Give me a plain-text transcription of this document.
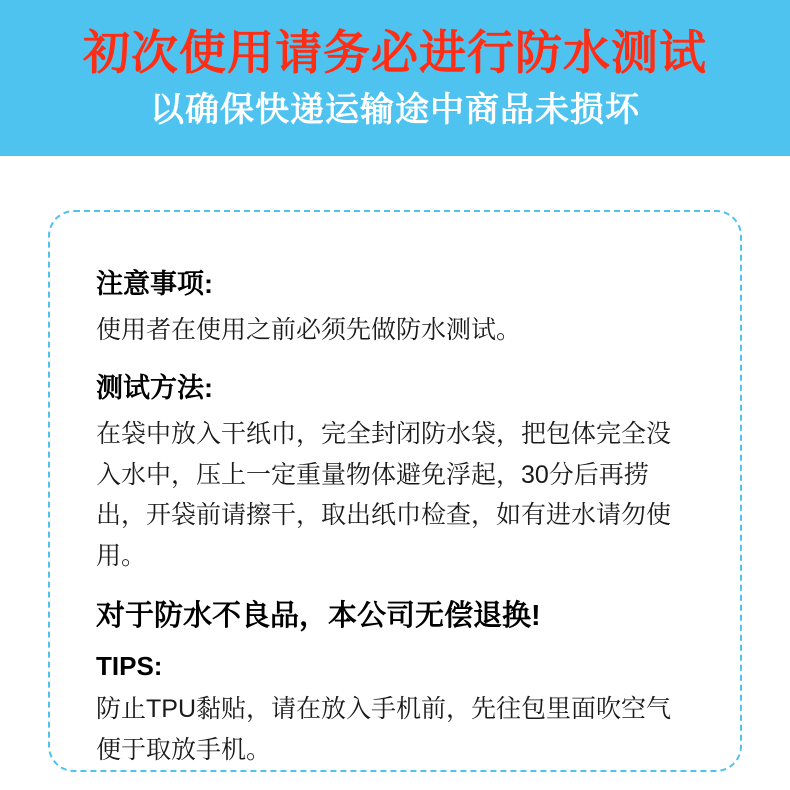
初次使用请务必进行防水测试
以确保快递运输途中商品未损坏

注意事项:

使用者在使用之前必须先做防水测试。

测试方法:

在袋中放入干纸巾，完全封闭防水袋，把包体完全没入水中，压上一定重量物体避免浮起，30分后再捞出，开袋前请擦干，取出纸巾检查，如有进水请勿使用。

对于防水不良品，本公司无偿退换!

TIPS:

防止TPU黏贴，请在放入手机前，先往包里面吹空气便于取放手机。
